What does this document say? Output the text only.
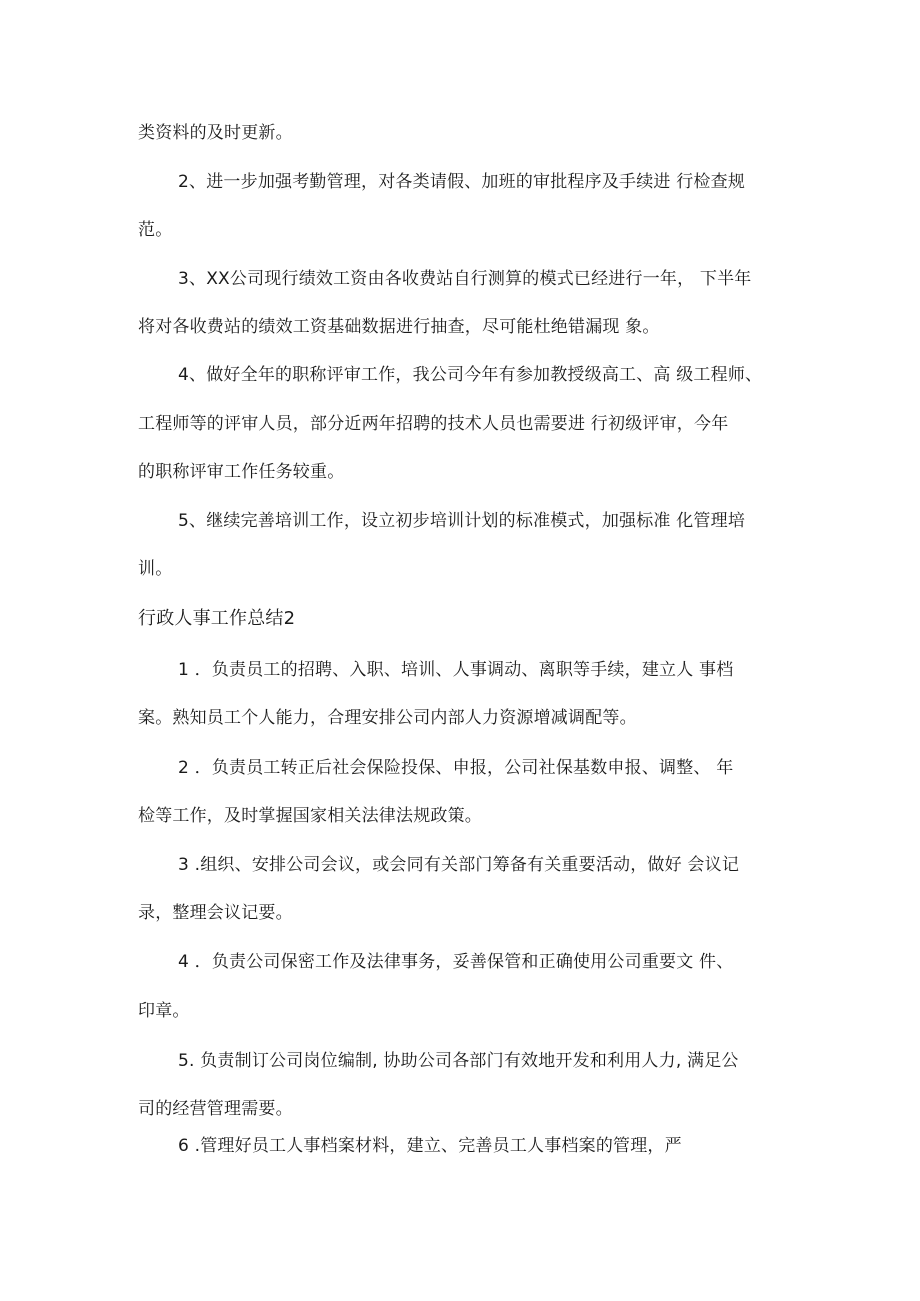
类资料的及时更新。
2、进一步加强考勤管理，对各类请假、加班的审批程序及手续进 行检查规
范。
3、XX公司现行绩效工资由各收费站自行测算的模式已经进行一年， 下半年
将对各收费站的绩效工资基础数据进行抽查，尽可能杜绝错漏现 象。
4、做好全年的职称评审工作，我公司今年有参加教授级高工、高 级工程师、
工程师等的评审人员，部分近两年招聘的技术人员也需要进 行初级评审，今年
的职称评审工作任务较重。
5、继续完善培训工作，设立初步培训计划的标准模式，加强标准 化管理培
训。
行政人事工作总结2
1 ．负责员工的招聘、入职、培训、人事调动、离职等手续，建立人 事档
案。熟知员工个人能力，合理安排公司内部人力资源增减调配等。
2 ．负责员工转正后社会保险投保、申报，公司社保基数申报、调整、 年
检等工作，及时掌握国家相关法律法规政策。
3 .组织、安排公司会议，或会同有关部门筹备有关重要活动，做好 会议记
录，整理会议记要。
4 ．负责公司保密工作及法律事务，妥善保管和正确使用公司重要文 件、
印章。
5. 负责制订公司岗位编制, 协助公司各部门有效地开发和利用人力, 满足公
司的经营管理需要。
6 .管理好员工人事档案材料，建立、完善员工人事档案的管理，严
